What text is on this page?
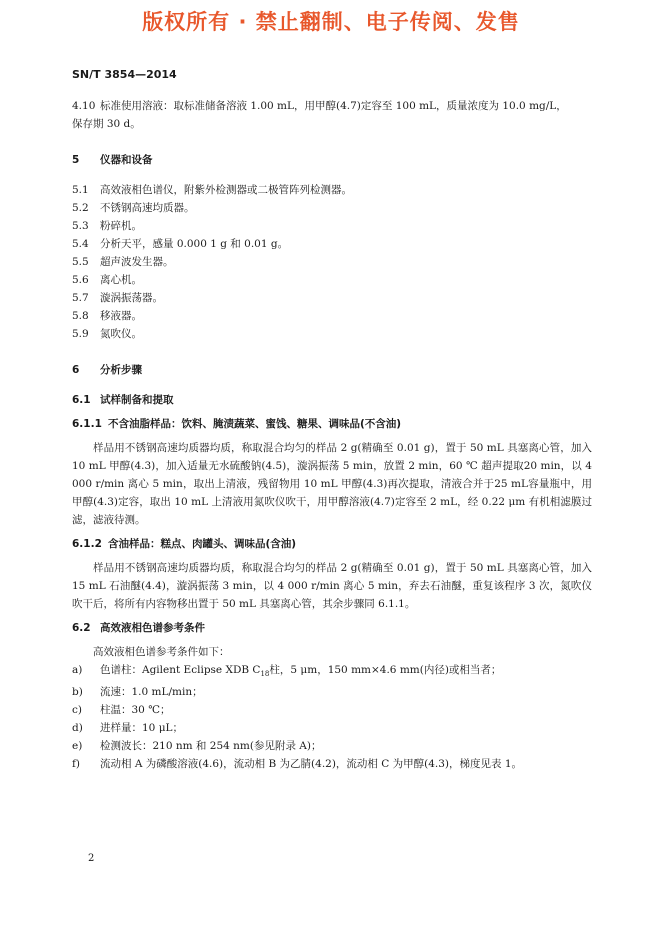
版权所有 · 禁止翻制、电子传阅、发售
SN/T 3854—2014

4.10 标准使用溶液：取标准储备溶液 1.00 mL，用甲醇(4.7)定容至 100 mL，质量浓度为 10.0 mg/L，

保存期 30 d。

5 仪器和设备

5.1 高效液相色谱仪，附紫外检测器或二极管阵列检测器。

5.2 不锈钢高速均质器。

5.3 粉碎机。

5.4 分析天平，感量 0.000 1 g 和 0.01 g。

5.5 超声波发生器。

5.6 离心机。

5.7 漩涡振荡器。

5.8 移液器。

5.9 氮吹仪。

6 分析步骤

6.1 试样制备和提取

6.1.1 不含油脂样品：饮料、腌渍蔬菜、蜜饯、糖果、调味品(不含油)

样品用不锈钢高速均质器均质，称取混合均匀的样品 2 g(精确至 0.01 g)，置于 50 mL 具塞离心管，加入 10 mL 甲醇(4.3)，加入适量无水硫酸钠(4.5)，漩涡振荡 5 min，放置 2 min，60 ℃ 超声提取20 min，以 4 000 r/min 离心 5 min，取出上清液，残留物用 10 mL 甲醇(4.3)再次提取，清液合并于25 mL容量瓶中，用甲醇(4.3)定容，取出 10 mL 上清液用氮吹仪吹干，用甲醇溶液(4.7)定容至 2 mL，经 0.22 μm 有机相滤膜过滤，滤液待测。

6.1.2 含油样品：糕点、肉罐头、调味品(含油)

样品用不锈钢高速均质器均质，称取混合均匀的样品 2 g(精确至 0.01 g)，置于 50 mL 具塞离心管，加入 15 mL 石油醚(4.4)，漩涡振荡 3 min，以 4 000 r/min 离心 5 min，弃去石油醚，重复该程序 3 次，氮吹仪吹干后，将所有内容物移出置于 50 mL 具塞离心管，其余步骤同 6.1.1。

6.2 高效液相色谱参考条件

高效液相色谱参考条件如下：

a) 色谱柱：Agilent Eclipse XDB $C_{18}$柱，5 μm，150 mm×4.6 mm(内径)或相当者；

b) 流速：1.0 mL/min；

c) 柱温：30 ℃；

d) 进样量：10 μL；

e) 检测波长：210 nm 和 254 nm(参见附录 A)；

f) 流动相 A 为磷酸溶液(4.6)，流动相 B 为乙腈(4.2)，流动相 C 为甲醇(4.3)，梯度见表 1。

2
